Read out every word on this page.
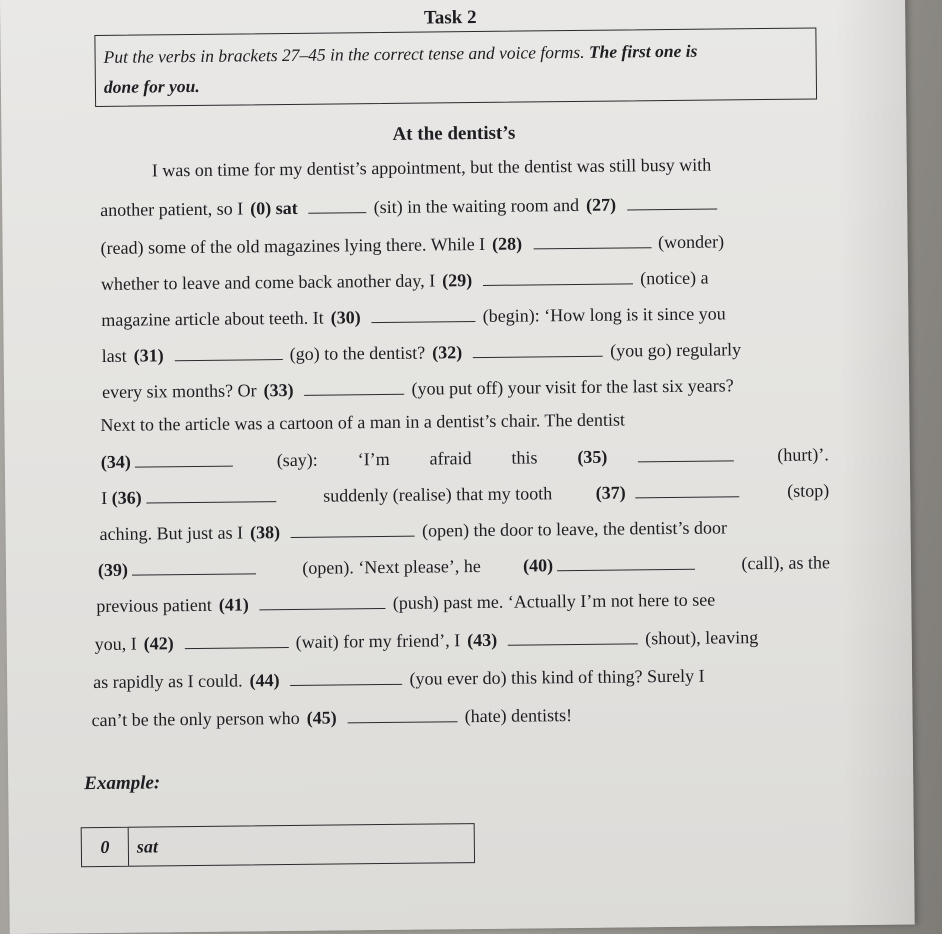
Task 2
Put the verbs in brackets 27–45 in the correct tense and voice forms. The first one is
done for you.
At the dentist’s
I was on time for my dentist’s appointment, but the dentist was still busy with
another patient, so I (0) sat	(sit) in the waiting room and (27)
(read) some of the old magazines lying there. While I (28)	(wonder)
whether to leave and come back another day, I (29)	(notice) a
magazine article about teeth. It (30)	(begin): ‘How long is it since you
last (31)	(go) to the dentist? (32)	(you go) regularly
every six months? Or (33)	(you put off) your visit for the last six years?
Next to the article was a cartoon of a man in a dentist’s chair. The dentist
(34)	(say): ‘I’m afraid this (35)	(hurt)’.
I (36)	suddenly (realise) that my tooth (37)	(stop)
aching. But just as I (38)	(open) the door to leave, the dentist’s door
(39)	(open). ‘Next please’, he (40)	(call), as the
previous patient (41)	(push) past me. ‘Actually I’m not here to see
you, I (42)	(wait) for my friend’, I (43)	(shout), leaving
as rapidly as I could. (44)	(you ever do) this kind of thing? Surely I
can’t be the only person who (45)	(hate) dentists!
Example:
0	sat
